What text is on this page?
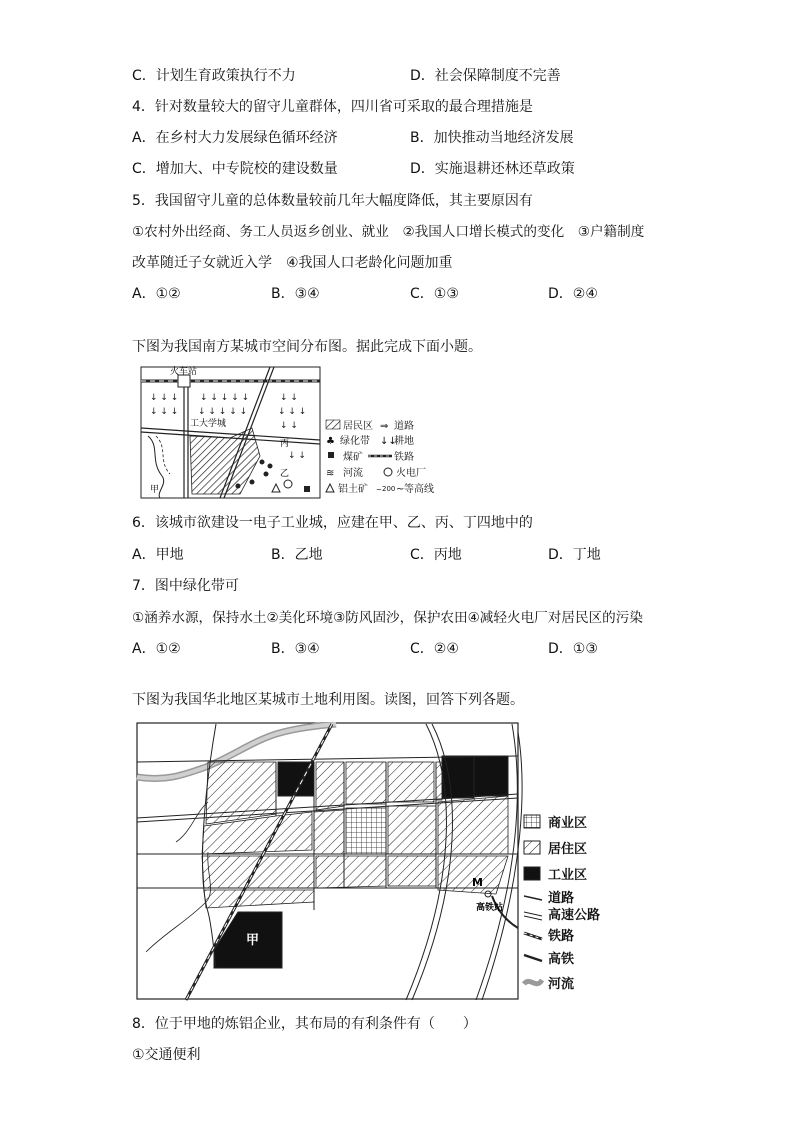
C．计划生育政策执行不力	D．社会保障制度不完善
4．针对数量较大的留守儿童群体，四川省可采取的最合理措施是
A．在乡村大力发展绿色循环经济	B．加快推动当地经济发展
C．增加大、中专院校的建设数量	D．实施退耕还林还草政策
5．我国留守儿童的总体数量较前几年大幅度降低，其主要原因有
①农村外出经商、务工人员返乡创业、就业　②我国人口增长模式的变化　③户籍制度
改革随迁子女就近入学　④我国人口老龄化问题加重
A．①②	B．③④	C．①③	D．②④
下图为我国南方某城市空间分布图。据此完成下面小题。
火车站
↓ ↓ ↓ ↓ ↓ ↓ ↓ ↓	↓ ↓
↓ ↓ ↓ ↓ ↓ ↓ ↓ ↓	↓ ↓ ↓
↓ ↓
↓ ↓
工大学城
甲
丙
乙
居民区 ⇒ 道路
♣ 绿化带 ↓↓
耕地
煤矿	铁路
≋ 河流	火电厂
铝土矿 ~ 200 ~ 等高线
6．该城市欲建设一电子工业城，应建在甲、乙、丙、丁四地中的
A．甲地	B．乙地	C．丙地	D．丁地
7．图中绿化带可
①涵养水源，保持水土②美化环境③防风固沙，保护农田④减轻火电厂对居民区的污染
A．①②	B．③④	C．②④	D．①③
下图为我国华北地区某城市土地利用图。读图，回答下列各题。
甲
M
高铁站
商业区
居住区
工业区
道路
高速公路
铁路
高铁
河流
8．位于甲地的炼铝企业，其布局的有利条件有（　　）
①交通便利
